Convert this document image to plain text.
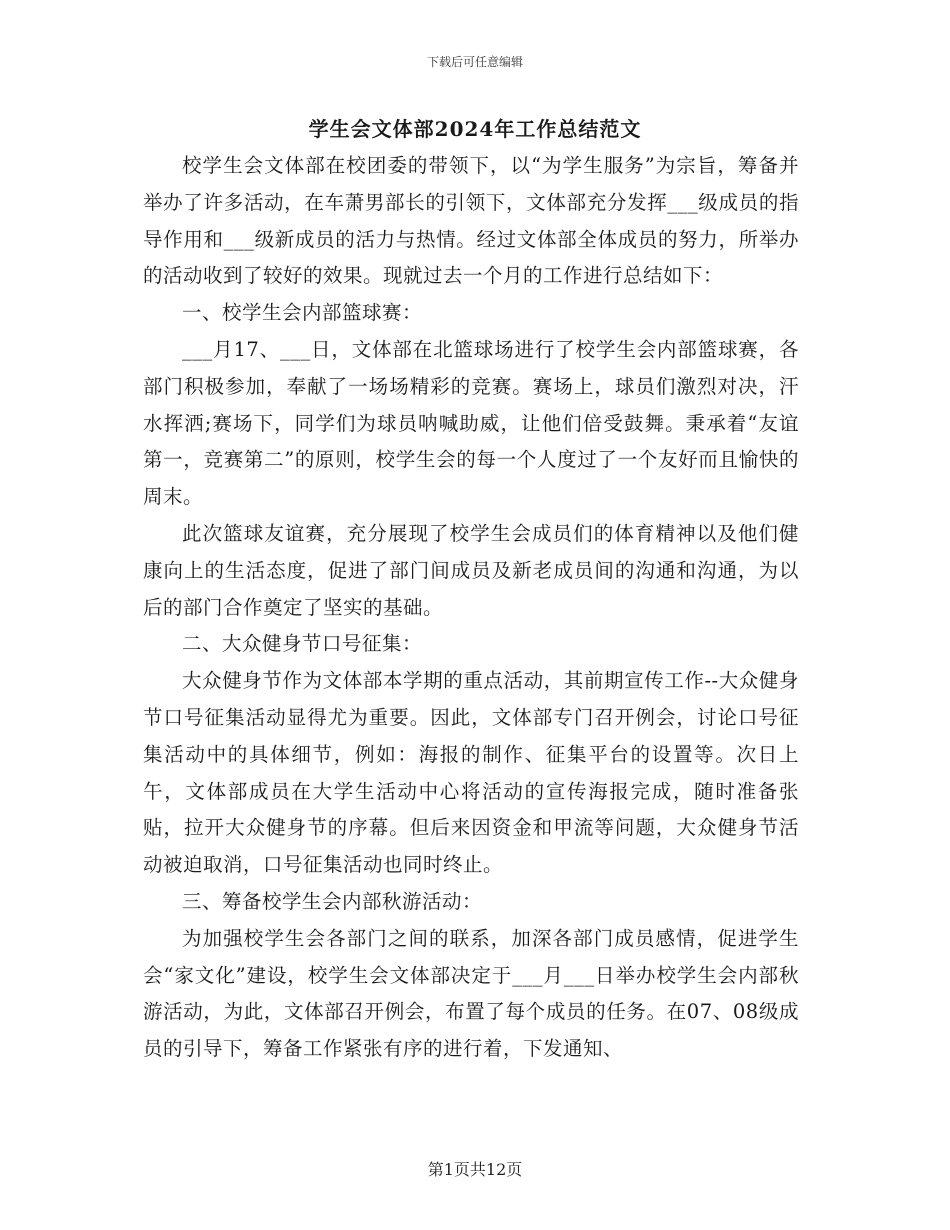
下载后可任意编辑
学生会文体部2024年工作总结范文

校学生会文体部在校团委的带领下，以“为学生服务”为宗旨，筹备并举办了许多活动，在车萧男部长的引领下，文体部充分发挥___级成员的指导作用和___级新成员的活力与热情。经过文体部全体成员的努力，所举办的活动收到了较好的效果。现就过去一个月的工作进行总结如下：

一、校学生会内部篮球赛：

___月17、___日，文体部在北篮球场进行了校学生会内部篮球赛，各部门积极参加，奉献了一场场精彩的竞赛。赛场上，球员们激烈对决，汗水挥洒;赛场下，同学们为球员呐喊助威，让他们倍受鼓舞。秉承着“友谊第一，竞赛第二”的原则，校学生会的每一个人度过了一个友好而且愉快的周末。

此次篮球友谊赛，充分展现了校学生会成员们的体育精神以及他们健康向上的生活态度，促进了部门间成员及新老成员间的沟通和沟通，为以后的部门合作奠定了坚实的基础。

二、大众健身节口号征集：

大众健身节作为文体部本学期的重点活动，其前期宣传工作--大众健身节口号征集活动显得尤为重要。因此，文体部专门召开例会，讨论口号征集活动中的具体细节，例如：海报的制作、征集平台的设置等。次日上午，文体部成员在大学生活动中心将活动的宣传海报完成，随时准备张贴，拉开大众健身节的序幕。但后来因资金和甲流等问题，大众健身节活动被迫取消，口号征集活动也同时终止。

三、筹备校学生会内部秋游活动：

为加强校学生会各部门之间的联系，加深各部门成员感情，促进学生会“家文化”建设，校学生会文体部决定于___月___日举办校学生会内部秋游活动，为此，文体部召开例会，布置了每个成员的任务。在07、08级成员的引导下，筹备工作紧张有序的进行着，下发通知、

第1页共12页
